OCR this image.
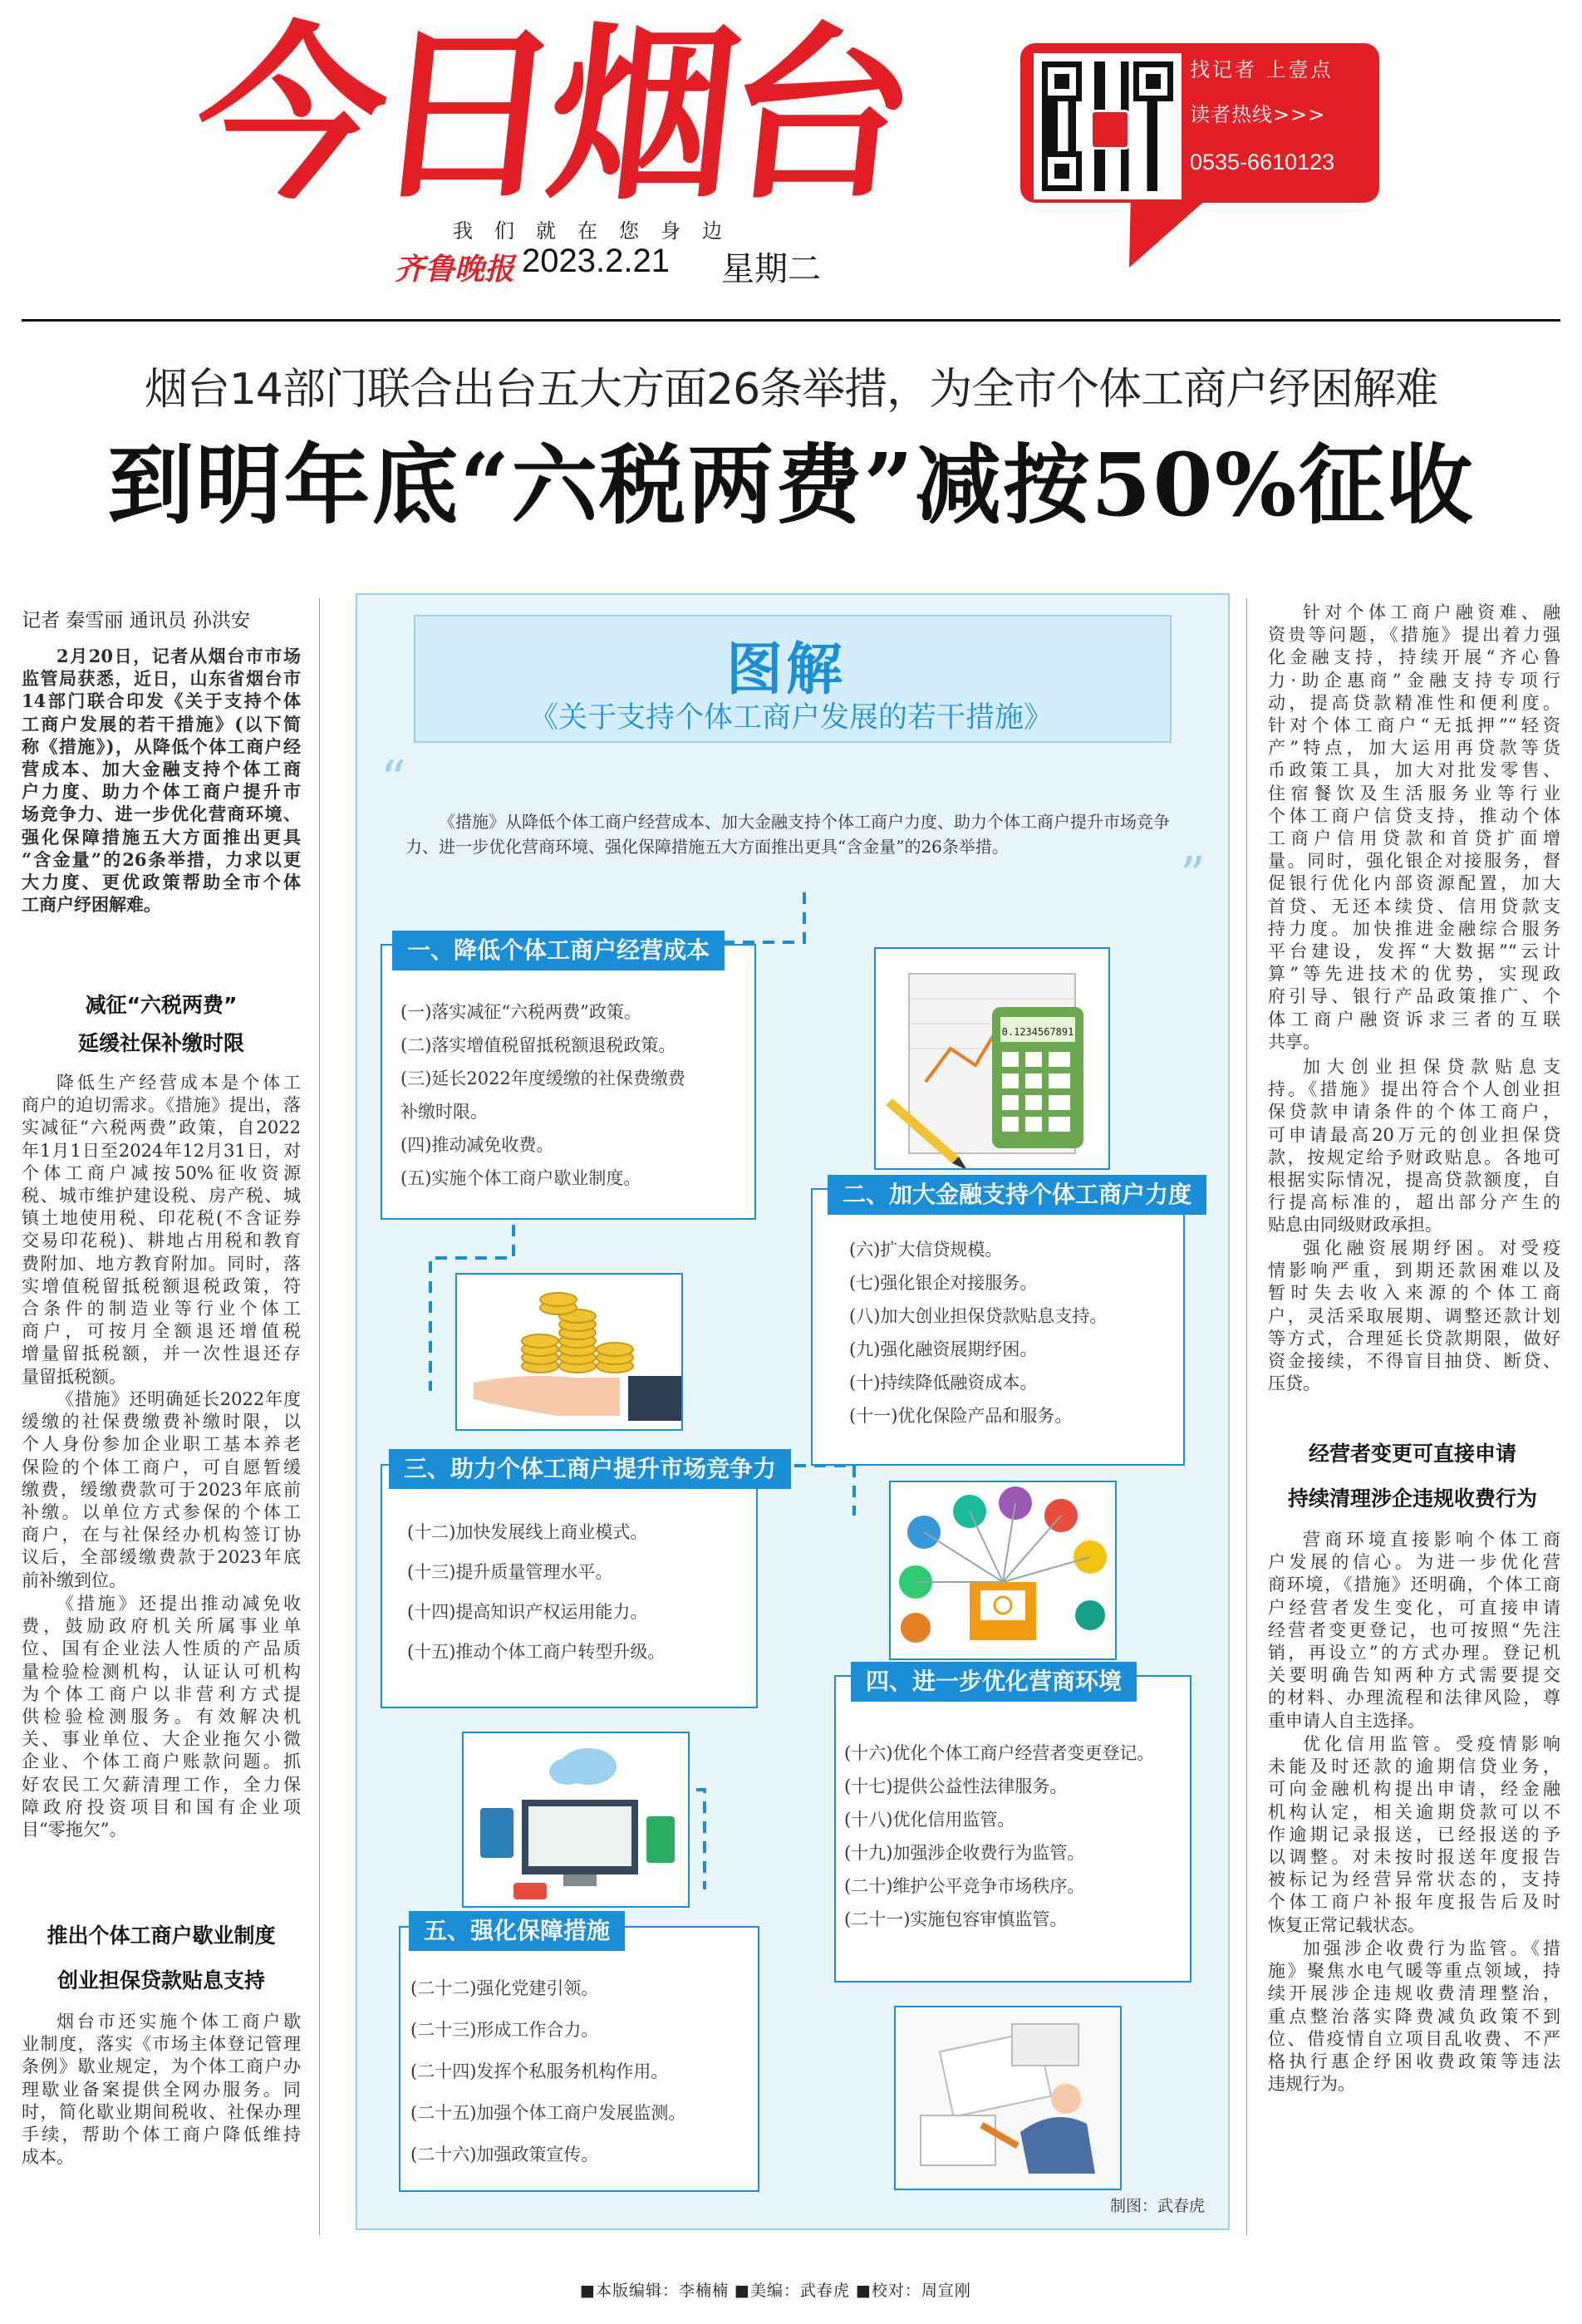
今日烟台
我们就在您身边
齐鲁晚报 2023.2.21 星期二
找记者 上壹点
读者热线>>>
0535-6610123
烟台14部门联合出台五大方面26条举措，为全市个体工商户纾困解难
到明年底“六税两费”减按50%征收
记者 秦雪丽 通讯员 孙洪安
2月20日，记者从烟台市市场
监管局获悉，近日，山东省烟台市
14部门联合印发《关于支持个体
工商户发展的若干措施》(以下简
称《措施》)，从降低个体工商户经
营成本、加大金融支持个体工商
户力度、助力个体工商户提升市
场竞争力、进一步优化营商环境、
强化保障措施五大方面推出更具
“含金量”的26条举措，力求以更
大力度、更优政策帮助全市个体
工商户纾困解难。
减征“六税两费”
延缓社保补缴时限
降低生产经营成本是个体工
商户的迫切需求。《措施》提出，落
实减征“六税两费”政策，自2022
年1月1日至2024年12月31日，对
个体工商户减按50%征收资源
税、城市维护建设税、房产税、城
镇土地使用税、印花税(不含证券
交易印花税)、耕地占用税和教育
费附加、地方教育附加。同时，落
实增值税留抵税额退税政策，符
合条件的制造业等行业个体工
商户，可按月全额退还增值税
增量留抵税额，并一次性退还存
量留抵税额。
《措施》还明确延长2022年度
缓缴的社保费缴费补缴时限，以
个人身份参加企业职工基本养老
保险的个体工商户，可自愿暂缓
缴费，缓缴费款可于2023年底前
补缴。以单位方式参保的个体工
商户，在与社保经办机构签订协
议后，全部缓缴费款于2023年底
前补缴到位。
《措施》还提出推动减免收
费，鼓励政府机关所属事业单
位、国有企业法人性质的产品质
量检验检测机构，认证认可机构
为个体工商户以非营利方式提
供检验检测服务。有效解决机
关、事业单位、大企业拖欠小微
企业、个体工商户账款问题。抓
好农民工欠薪清理工作，全力保
障政府投资项目和国有企业项
目“零拖欠”。
推出个体工商户歇业制度
创业担保贷款贴息支持
烟台市还实施个体工商户歇
业制度，落实《市场主体登记管理
条例》歇业规定，为个体工商户办
理歇业备案提供全网办服务。同
时，简化歇业期间税收、社保办理
手续，帮助个体工商户降低维持
成本。
针对个体工商户融资难、融
资贵等问题，《措施》提出着力强
化金融支持，持续开展“齐心鲁
力·助企惠商”金融支持专项行
动，提高贷款精准性和便利度。
针对个体工商户“无抵押”“轻资
产”特点，加大运用再贷款等货
币政策工具，加大对批发零售、
住宿餐饮及生活服务业等行业
个体工商户信贷支持，推动个体
工商户信用贷款和首贷扩面增
量。同时，强化银企对接服务，督
促银行优化内部资源配置，加大
首贷、无还本续贷、信用贷款支
持力度。加快推进金融综合服务
平台建设，发挥“大数据”“云计
算”等先进技术的优势，实现政
府引导、银行产品政策推广、个
体工商户融资诉求三者的互联
共享。
加大创业担保贷款贴息支
持。《措施》提出符合个人创业担
保贷款申请条件的个体工商户，
可申请最高20万元的创业担保贷
款，按规定给予财政贴息。各地可
根据实际情况，提高贷款额度，自
行提高标准的，超出部分产生的
贴息由同级财政承担。
强化融资展期纾困。对受疫
情影响严重，到期还款困难以及
暂时失去收入来源的个体工商
户，灵活采取展期、调整还款计划
等方式，合理延长贷款期限，做好
资金接续，不得盲目抽贷、断贷、
压贷。
经营者变更可直接申请
持续清理涉企违规收费行为
营商环境直接影响个体工商
户发展的信心。为进一步优化营
商环境，《措施》还明确，个体工商
户经营者发生变化，可直接申请
经营者变更登记，也可按照“先注
销，再设立”的方式办理。登记机
关要明确告知两种方式需要提交
的材料、办理流程和法律风险，尊
重申请人自主选择。
优化信用监管。受疫情影响
未能及时还款的逾期信贷业务，
可向金融机构提出申请，经金融
机构认定，相关逾期贷款可以不
作逾期记录报送，已经报送的予
以调整。对未按时报送年度报告
被标记为经营异常状态的，支持
个体工商户补报年度报告后及时
恢复正常记载状态。
加强涉企收费行为监管。《措
施》聚焦水电气暖等重点领域，持
续开展涉企违规收费清理整治，
重点整治落实降费减负政策不到
位、借疫情自立项目乱收费、不严
格执行惠企纾困收费政策等违法
违规行为。
图解
《关于支持个体工商户发展的若干措施》
“
”
《措施》从降低个体工商户经营成本、加大金融支持个体工商户力度、助力个体工商户提升市场竞争力、进一步优化营商环境、强化保障措施五大方面推出更具“含金量”的26条举措。
一、降低个体工商户经营成本
(一)落实减征“六税两费”政策。
(二)落实增值税留抵税额退税政策。
(三)延长2022年度缓缴的社保费缴费
补缴时限。
(四)推动减免收费。
(五)实施个体工商户歇业制度。
0.1234567891
二、加大金融支持个体工商户力度
(六)扩大信贷规模。
(七)强化银企对接服务。
(八)加大创业担保贷款贴息支持。
(九)强化融资展期纾困。
(十)持续降低融资成本。
(十一)优化保险产品和服务。
三、助力个体工商户提升市场竞争力
(十二)加快发展线上商业模式。
(十三)提升质量管理水平。
(十四)提高知识产权运用能力。
(十五)推动个体工商户转型升级。
四、进一步优化营商环境
(十六)优化个体工商户经营者变更登记。
(十七)提供公益性法律服务。
(十八)优化信用监管。
(十九)加强涉企收费行为监管。
(二十)维护公平竞争市场秩序。
(二十一)实施包容审慎监管。
五、强化保障措施
(二十二)强化党建引领。
(二十三)形成工作合力。
(二十四)发挥个私服务机构作用。
(二十五)加强个体工商户发展监测。
(二十六)加强政策宣传。
制图：武春虎
■本版编辑：李楠楠 ■美编：武春虎 ■校对：周宣刚
